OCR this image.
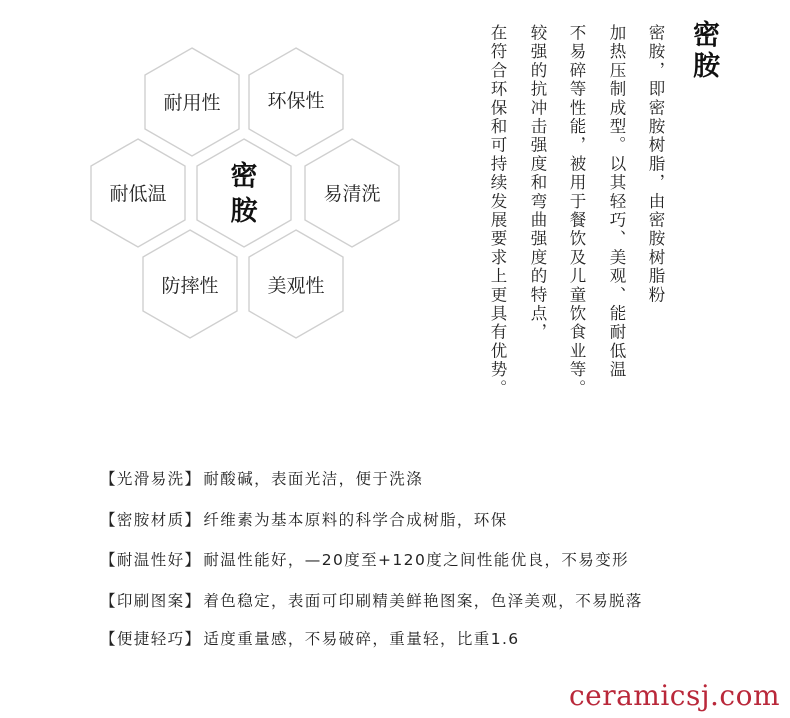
耐用性 环保性
耐低温
密
胺
易清洗
防摔性	美观性
密胺
密胺，即密胺树脂，由密胺树脂粉
加热压制成型。以其轻巧、美观、能耐低温
不易碎等性能，被用于餐饮及儿童饮食业等。
较强的抗冲击强度和弯曲强度的特点，
在符合环保和可持续发展要求上更具有优势。
【光滑易洗】 耐酸碱，表面光洁，便于洗涤
【密胺材质】 纤维素为基本原料的科学合成树脂，环保
【耐温性好】 耐温性能好，—20度至+120度之间性能优良，不易变形
【印刷图案】 着色稳定，表面可印刷精美鲜艳图案，色泽美观，不易脱落
【便捷轻巧】 适度重量感，不易破碎，重量轻，比重1.6
ceramicsj.com
